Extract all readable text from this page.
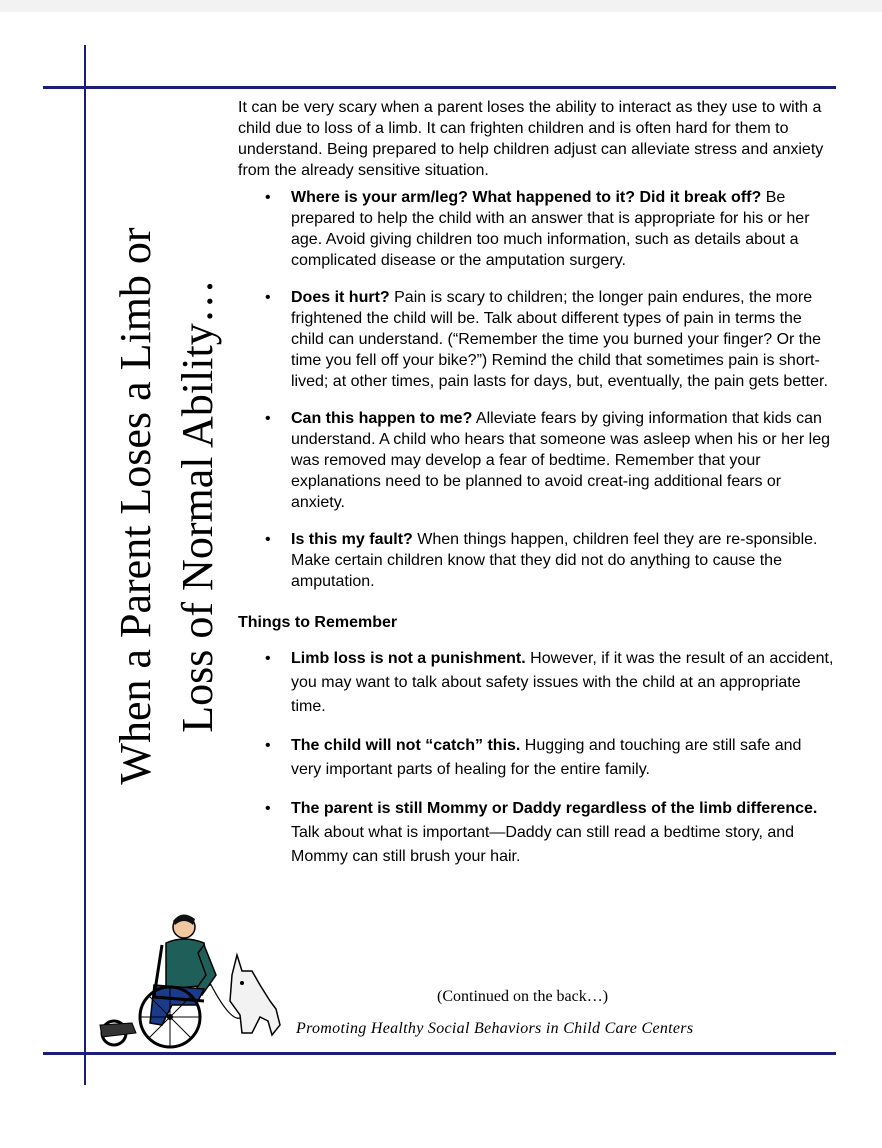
When a Parent Loses a Limb or Loss of Normal Ability…

It can be very scary when a parent loses the ability to interact as they use to with a child due to loss of a limb. It can frighten children and is often hard for them to understand. Being prepared to help children adjust can alleviate stress and anxiety from the already sensitive situation.

• Where is your arm/leg? What happened to it? Did it break off? Be prepared to help the child with an answer that is appropriate for his or her age. Avoid giving children too much information, such as details about a complicated disease or the amputation surgery.
• Does it hurt? Pain is scary to children; the longer pain endures, the more frightened the child will be. Talk about different types of pain in terms the child can understand. (“Remember the time you burned your finger? Or the time you fell off your bike?”) Remind the child that sometimes pain is short-lived; at other times, pain lasts for days, but, eventually, the pain gets better.
• Can this happen to me? Alleviate fears by giving information that kids can understand. A child who hears that someone was asleep when his or her leg was removed may develop a fear of bedtime. Remember that your explanations need to be planned to avoid creat-ing additional fears or anxiety.
• Is this my fault? When things happen, children feel they are re-sponsible. Make certain children know that they did not do anything to cause the amputation.
Things to Remember
• Limb loss is not a punishment. However, if it was the result of an accident, you may want to talk about safety issues with the child at an appropriate time.
• The child will not “catch” this. Hugging and touching are still safe and very important parts of healing for the entire family.
• The parent is still Mommy or Daddy regardless of the limb difference. Talk about what is important—Daddy can still read a bedtime story, and Mommy can still brush your hair.
(Continued on the back…)
Promoting Healthy Social Behaviors in Child Care Centers
